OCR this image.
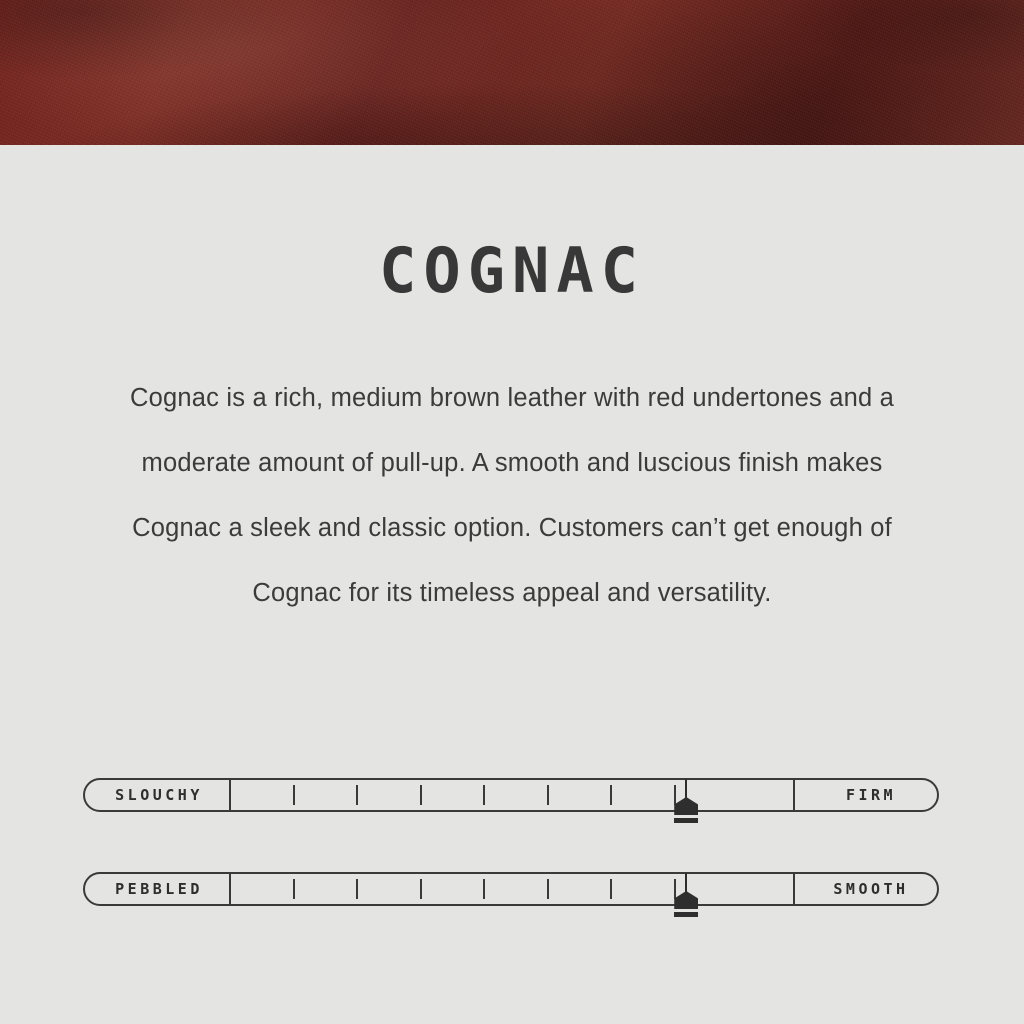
COGNAC
Cognac is a rich, medium brown leather with red undertones and a moderate amount of pull-up. A smooth and luscious finish makes Cognac a sleek and classic option. Customers can’t get enough of Cognac for its timeless appeal and versatility.
SLOUCHY	FIRM
PEBBLED	SMOOTH
